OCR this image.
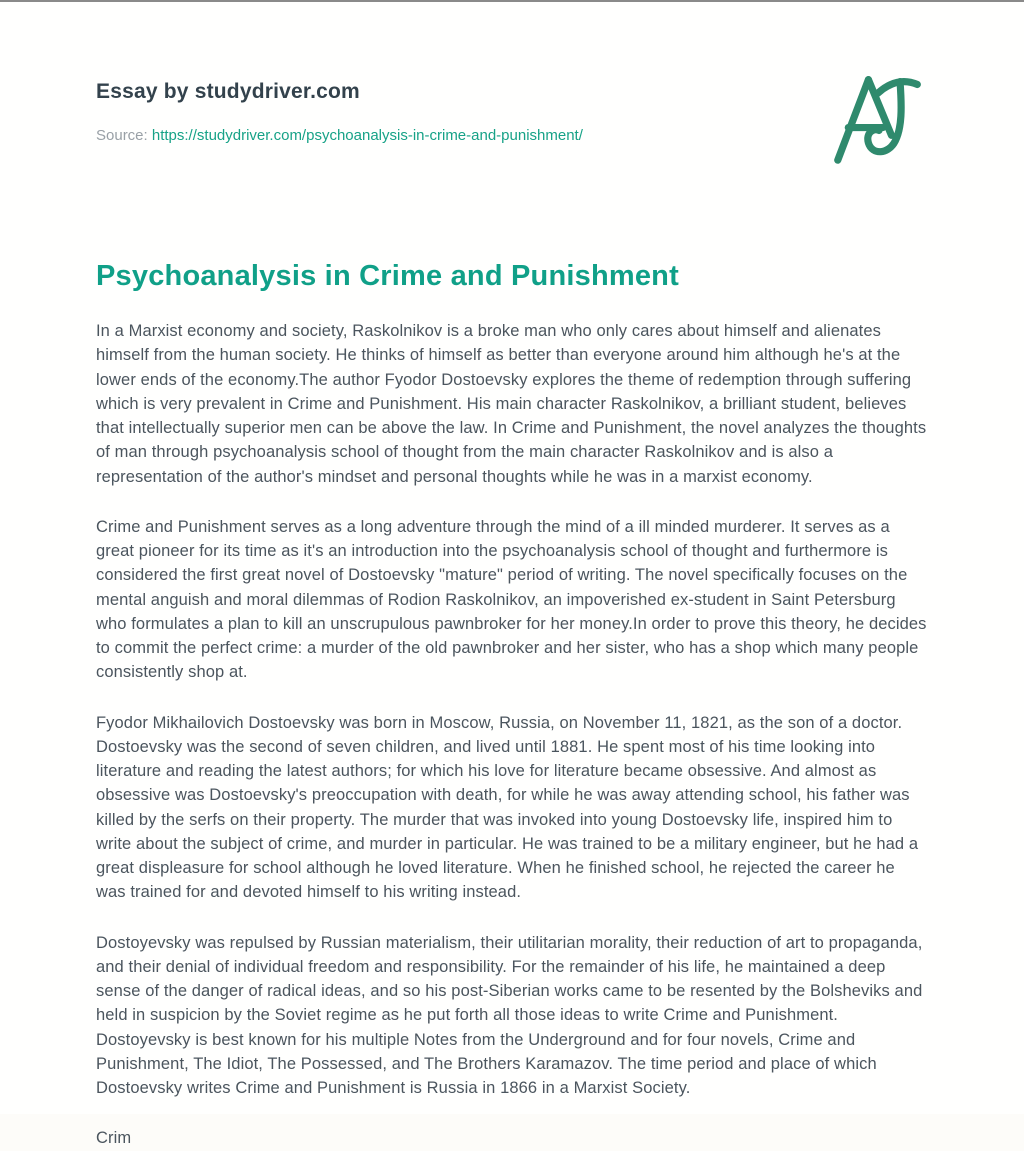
Essay by studydriver.com
Source: https://studydriver.com/psychoanalysis-in-crime-and-punishment/
Psychoanalysis in Crime and Punishment

In a Marxist economy and society, Raskolnikov is a broke man who only cares about himself and alienates himself from the human society. He thinks of himself as better than everyone around him although he's at the lower ends of the economy.The author Fyodor Dostoevsky explores the theme of redemption through suffering which is very prevalent in Crime and Punishment. His main character Raskolnikov, a brilliant student, believes that intellectually superior men can be above the law. In Crime and Punishment, the novel analyzes the thoughts of man through psychoanalysis school of thought from the main character Raskolnikov and is also a representation of the author's mindset and personal thoughts while he was in a marxist economy.

Crime and Punishment serves as a long adventure through the mind of a ill minded murderer. It serves as a great pioneer for its time as it's an introduction into the psychoanalysis school of thought and furthermore is considered the first great novel of Dostoevsky "mature" period of writing. The novel specifically focuses on the mental anguish and moral dilemmas of Rodion Raskolnikov, an impoverished ex-student in Saint Petersburg who formulates a plan to kill an unscrupulous pawnbroker for her money.In order to prove this theory, he decides to commit the perfect crime: a murder of the old pawnbroker and her sister, who has a shop which many people consistently shop at.

Fyodor Mikhailovich Dostoevsky was born in Moscow, Russia, on November 11, 1821, as the son of a doctor. Dostoevsky was the second of seven children, and lived until 1881. He spent most of his time looking into literature and reading the latest authors; for which his love for literature became obsessive. And almost as obsessive was Dostoevsky's preoccupation with death, for while he was away attending school, his father was killed by the serfs on their property. The murder that was invoked into young Dostoevsky life, inspired him to write about the subject of crime, and murder in particular. He was trained to be a military engineer, but he had a great displeasure for school although he loved literature. When he finished school, he rejected the career he was trained for and devoted himself to his writing instead.

Dostoyevsky was repulsed by Russian materialism, their utilitarian morality, their reduction of art to propaganda, and their denial of individual freedom and responsibility. For the remainder of his life, he maintained a deep sense of the danger of radical ideas, and so his post-Siberian works came to be resented by the Bolsheviks and held in suspicion by the Soviet regime as he put forth all those ideas to write Crime and Punishment. Dostoyevsky is best known for his multiple Notes from the Underground and for four novels, Crime and Punishment, The Idiot, The Possessed, and The Brothers Karamazov. The time period and place of which Dostoevsky writes Crime and Punishment is Russia in 1866 in a Marxist Society.

Crim
